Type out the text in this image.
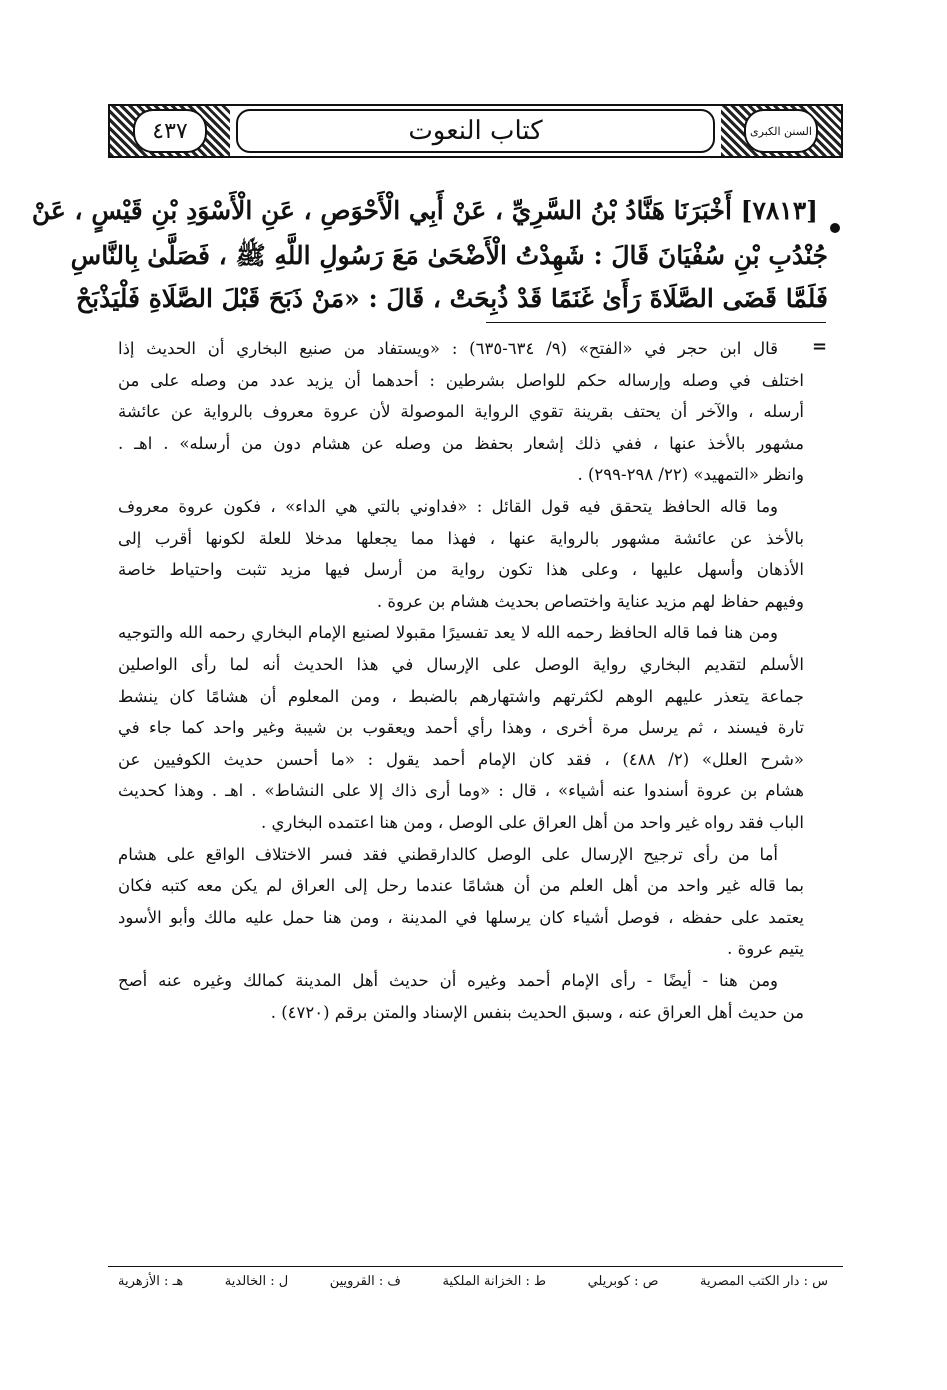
٤٣٧	كتاب النعوت	السنن الكبرى
[٧٨١٣] أَخْبَرَنَا هَنَّادُ بْنُ السَّرِيِّ ، عَنْ أَبِي الْأَحْوَصِ ، عَنِ الْأَسْوَدِ بْنِ قَيْسٍ ، عَنْ
جُنْدُبِ بْنِ سُفْيَانَ قَالَ : شَهِدْتُ الْأَضْحَىٰ مَعَ رَسُولِ اللَّهِ ﷺ ، فَصَلَّىٰ بِالنَّاسِ
فَلَمَّا قَضَى الصَّلَاةَ رَأَىٰ غَنَمًا قَدْ ذُبِحَتْ ، قَالَ : «مَنْ ذَبَحَ قَبْلَ الصَّلَاةِ فَلْيَذْبَحْ
=
قال ابن حجر في «الفتح» (٩/ ٦٣٤-٦٣٥) : «ويستفاد من صنيع البخاري أن الحديث إذا
اختلف في وصله وإرساله حكم للواصل بشرطين : أحدهما أن يزيد عدد من وصله على من
أرسله ، والآخر أن يحتف بقرينة تقوي الرواية الموصولة لأن عروة معروف بالرواية عن عائشة
مشهور بالأخذ عنها ، ففي ذلك إشعار بحفظ من وصله عن هشام دون من أرسله» . اهـ .
وانظر «التمهيد» (٢٢/ ٢٩٨-٢٩٩) .
وما قاله الحافظ يتحقق فيه قول القائل : «فداوني بالتي هي الداء» ، فكون عروة معروف
بالأخذ عن عائشة مشهور بالرواية عنها ، فهذا مما يجعلها مدخلا للعلة لكونها أقرب إلى
الأذهان وأسهل عليها ، وعلى هذا تكون رواية من أرسل فيها مزيد تثبت واحتياط خاصة
وفيهم حفاظ لهم مزيد عناية واختصاص بحديث هشام بن عروة .
ومن هنا فما قاله الحافظ رحمه الله لا يعد تفسيرًا مقبولا لصنيع الإمام البخاري رحمه الله والتوجيه
الأسلم لتقديم البخاري رواية الوصل على الإرسال في هذا الحديث أنه لما رأى الواصلين
جماعة يتعذر عليهم الوهم لكثرتهم واشتهارهم بالضبط ، ومن المعلوم أن هشامًا كان ينشط
تارة فيسند ، ثم يرسل مرة أخرى ، وهذا رأي أحمد ويعقوب بن شيبة وغير واحد كما جاء في
«شرح العلل» (٢/ ٤٨٨) ، فقد كان الإمام أحمد يقول : «ما أحسن حديث الكوفيين عن
هشام بن عروة أسندوا عنه أشياء» ، قال : «وما أرى ذاك إلا على النشاط» . اهـ . وهذا كحديث
الباب فقد رواه غير واحد من أهل العراق على الوصل ، ومن هنا اعتمده البخاري .
أما من رأى ترجيح الإرسال على الوصل كالدارقطني فقد فسر الاختلاف الواقع على هشام
بما قاله غير واحد من أهل العلم من أن هشامًا عندما رحل إلى العراق لم يكن معه كتبه فكان
يعتمد على حفظه ، فوصل أشياء كان يرسلها في المدينة ، ومن هنا حمل عليه مالك وأبو الأسود
يتيم عروة .
ومن هنا - أيضًا - رأى الإمام أحمد وغيره أن حديث أهل المدينة كمالك وغيره عنه أصح
من حديث أهل العراق عنه ، وسبق الحديث بنفس الإسناد والمتن برقم (٤٧٢٠) .
س : دار الكتب المصرية
ص : كوبريلي
ط : الخزانة الملكية
ف : القرويين
ل : الخالدية
هـ : الأزهرية
